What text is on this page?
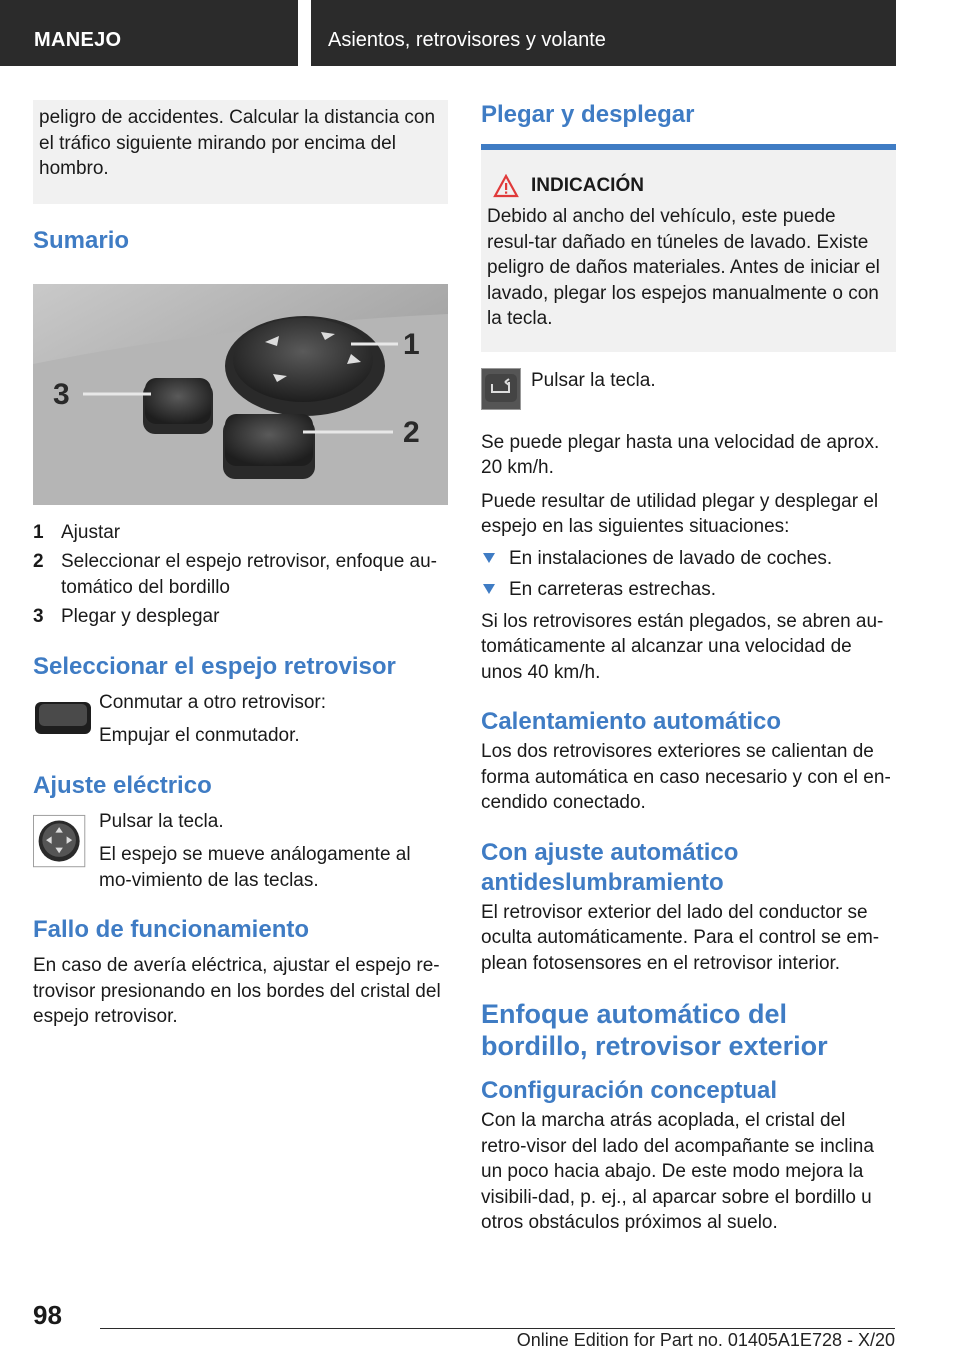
MANEJO	Asientos, retrovisores y volante

peligro de accidentes. Calcular la distancia con el tráfico siguiente mirando por encima del hombro.

Sumario
1
2
3
1 Ajustar
2 Seleccionar el espejo retrovisor, enfoque au-tomático del bordillo
3 Plegar y desplegar
Seleccionar el espejo retrovisor

Conmutar a otro retrovisor:

Empujar el conmutador.

Ajuste eléctrico

Pulsar la tecla.

El espejo se mueve análogamente al mo-vimiento de las teclas.

Fallo de funcionamiento

En caso de avería eléctrica, ajustar el espejo re-trovisor presionando en los bordes del cristal del espejo retrovisor.

Plegar y desplegar
INDICACIÓN

Debido al ancho del vehículo, este puede resul-tar dañado en túneles de lavado. Existe peligro de daños materiales. Antes de iniciar el lavado, plegar los espejos manualmente o con la tecla.

Pulsar la tecla.

Se puede plegar hasta una velocidad de aprox. 20 km/h.

Puede resultar de utilidad plegar y desplegar el espejo en las siguientes situaciones:

En instalaciones de lavado de coches.
En carreteras estrechas.

Si los retrovisores están plegados, se abren au-tomáticamente al alcanzar una velocidad de unos 40 km/h.

Calentamiento automático

Los dos retrovisores exteriores se calientan de forma automática en caso necesario y con el en-cendido conectado.

Con ajuste automático antideslumbramiento

El retrovisor exterior del lado del conductor se oculta automáticamente. Para el control se em-plean fotosensores en el retrovisor interior.

Enfoque automático del bordillo, retrovisor exterior
Configuración conceptual

Con la marcha atrás acoplada, el cristal del retro-visor del lado del acompañante se inclina un poco hacia abajo. De este modo mejora la visibili-dad, p. ej., al aparcar sobre el bordillo u otros obstáculos próximos al suelo.

98
Online Edition for Part no. 01405A1E728 - X/20
